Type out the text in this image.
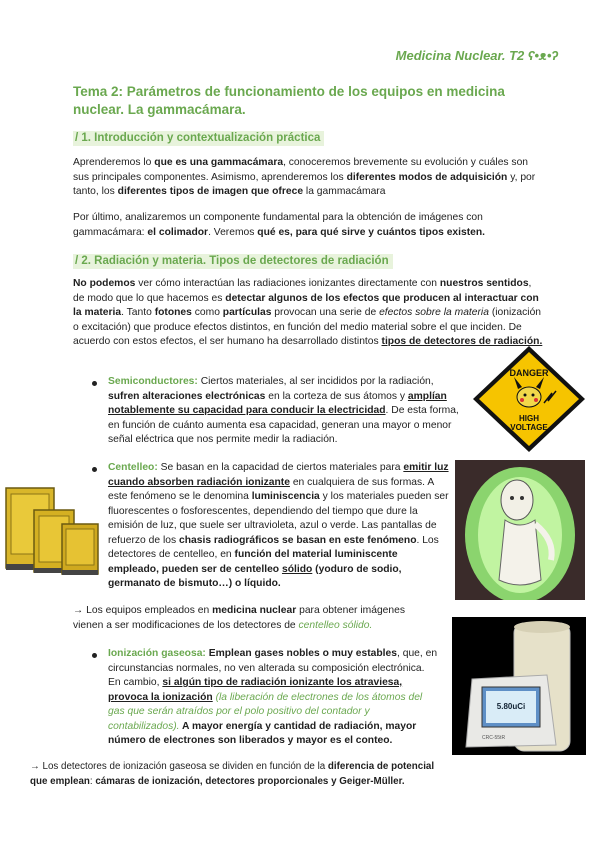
Medicina Nuclear. T2 ʕ•ᴥ•ʔ
Tema 2: Parámetros de funcionamiento de los equipos en medicina nuclear. La gammacámara.
/ 1. Introducción y contextualización práctica
Aprenderemos lo que es una gammacámara, conoceremos brevemente su evolución y cuáles son sus principales componentes. Asimismo, aprenderemos los diferentes modos de adquisición y, por tanto, los diferentes tipos de imagen que ofrece la gammacámara
Por último, analizaremos un componente fundamental para la obtención de imágenes con gammacámara: el colimador. Veremos qué es, para qué sirve y cuántos tipos existen.
/ 2. Radiación y materia. Tipos de detectores de radiación
No podemos ver cómo interactúan las radiaciones ionizantes directamente con nuestros sentidos, de modo que lo que hacemos es detectar algunos de los efectos que producen al interactuar con la materia. Tanto fotones como partículas provocan una serie de efectos sobre la materia (ionización o excitación) que produce efectos distintos, en función del medio material sobre el que inciden. De acuerdo con estos efectos, el ser humano ha desarrollado distintos tipos de detectores de radiación.
DANGER
HIGH
VOLTAGE
Semiconductores: Ciertos materiales, al ser incididos por la radiación, sufren alteraciones electrónicas en la corteza de sus átomos y amplían notablemente su capacidad para conducir la electricidad. De esta forma, en función de cuánto aumenta esa capacidad, generan una mayor o menor señal eléctrica que nos permite medir la radiación.
Centelleo: Se basan en la capacidad de ciertos materiales para emitir luz cuando absorben radiación ionizante en cualquiera de sus formas. A este fenómeno se le denomina luminiscencia y los materiales pueden ser fluorescentes o fosforescentes, dependiendo del tiempo que dure la emisión de luz, que suele ser ultravioleta, azul o verde. Las pantallas de refuerzo de los chasis radiográficos se basan en este fenómeno. Los detectores de centelleo, en función del material luminiscente empleado, pueden ser de centelleo sólido (yoduro de sodio, germanato de bismuto…) o líquido.
→ Los equipos empleados en medicina nuclear para obtener imágenes vienen a ser modificaciones de los detectores de centelleo sólido.
5.80uCi
CRC-55tR
Ionización gaseosa: Emplean gases nobles o muy estables, que, en circunstancias normales, no ven alterada su composición electrónica. En cambio, si algún tipo de radiación ionizante los atraviesa, provoca la ionización (la liberación de electrones de los átomos del gas que serán atraídos por el polo positivo del contador y contabilizados). A mayor energía y cantidad de radiación, mayor número de electrones son liberados y mayor es el conteo.
→ Los detectores de ionización gaseosa se dividen en función de la diferencia de potencial que emplean: cámaras de ionización, detectores proporcionales y Geiger-Müller.
